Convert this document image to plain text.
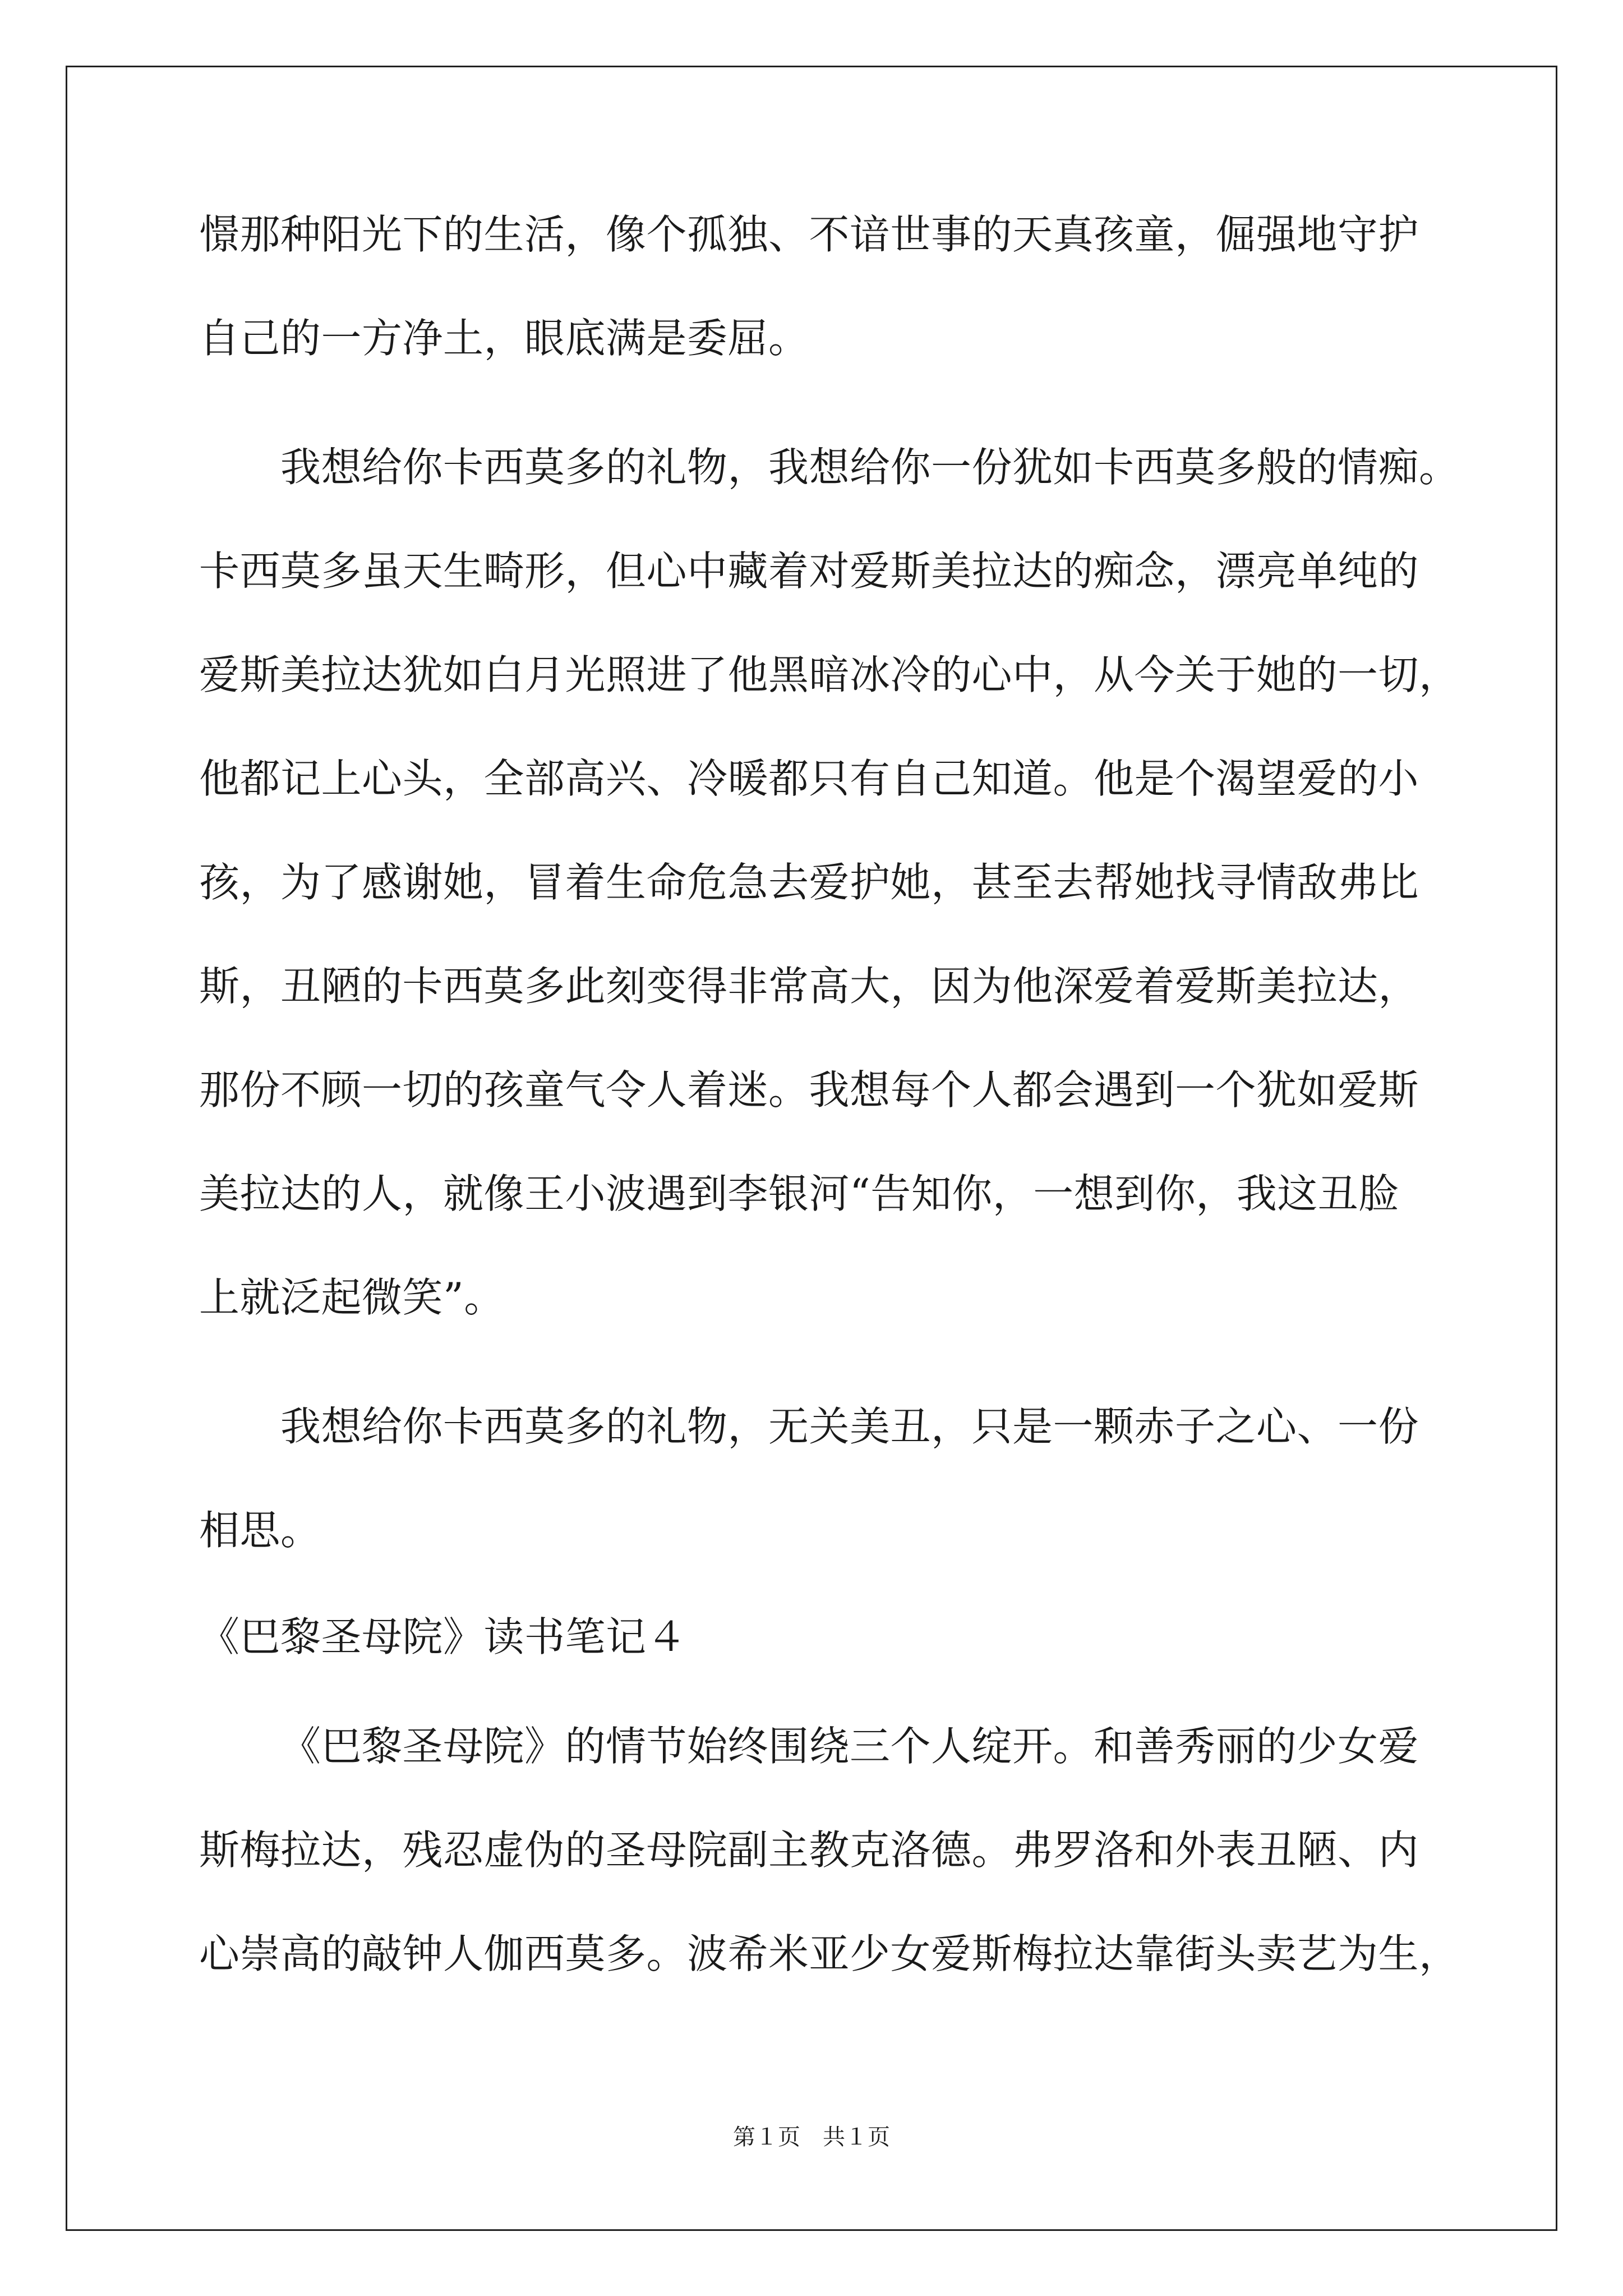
憬那种阳光下的生活，像个孤独、不谙世事的天真孩童，倔强地守护
自己的一方净土，眼底满是委屈。
我想给你卡西莫多的礼物，我想给你一份犹如卡西莫多般的情痴。
卡西莫多虽天生畸形，但心中藏着对爱斯美拉达的痴念，漂亮单纯的
爱斯美拉达犹如白月光照进了他黑暗冰冷的心中，从今关于她的一切，
他都记上心头，全部高兴、冷暖都只有自己知道。他是个渴望爱的小
孩，为了感谢她，冒着生命危急去爱护她，甚至去帮她找寻情敌弗比
斯，丑陋的卡西莫多此刻变得非常高大，因为他深爱着爱斯美拉达，
那份不顾一切的孩童气令人着迷。我想每个人都会遇到一个犹如爱斯
美拉达的人，就像王小波遇到李银河“告知你，一想到你，我这丑脸
上就泛起微笑”。
我想给你卡西莫多的礼物，无关美丑，只是一颗赤子之心、一份
相思。
《巴黎圣母院》读书笔记４
《巴黎圣母院》的情节始终围绕三个人绽开。和善秀丽的少女爱
斯梅拉达，残忍虚伪的圣母院副主教克洛德。弗罗洛和外表丑陋、内
心崇高的敲钟人伽西莫多。波希米亚少女爱斯梅拉达靠街头卖艺为生，
第１页　共１页
